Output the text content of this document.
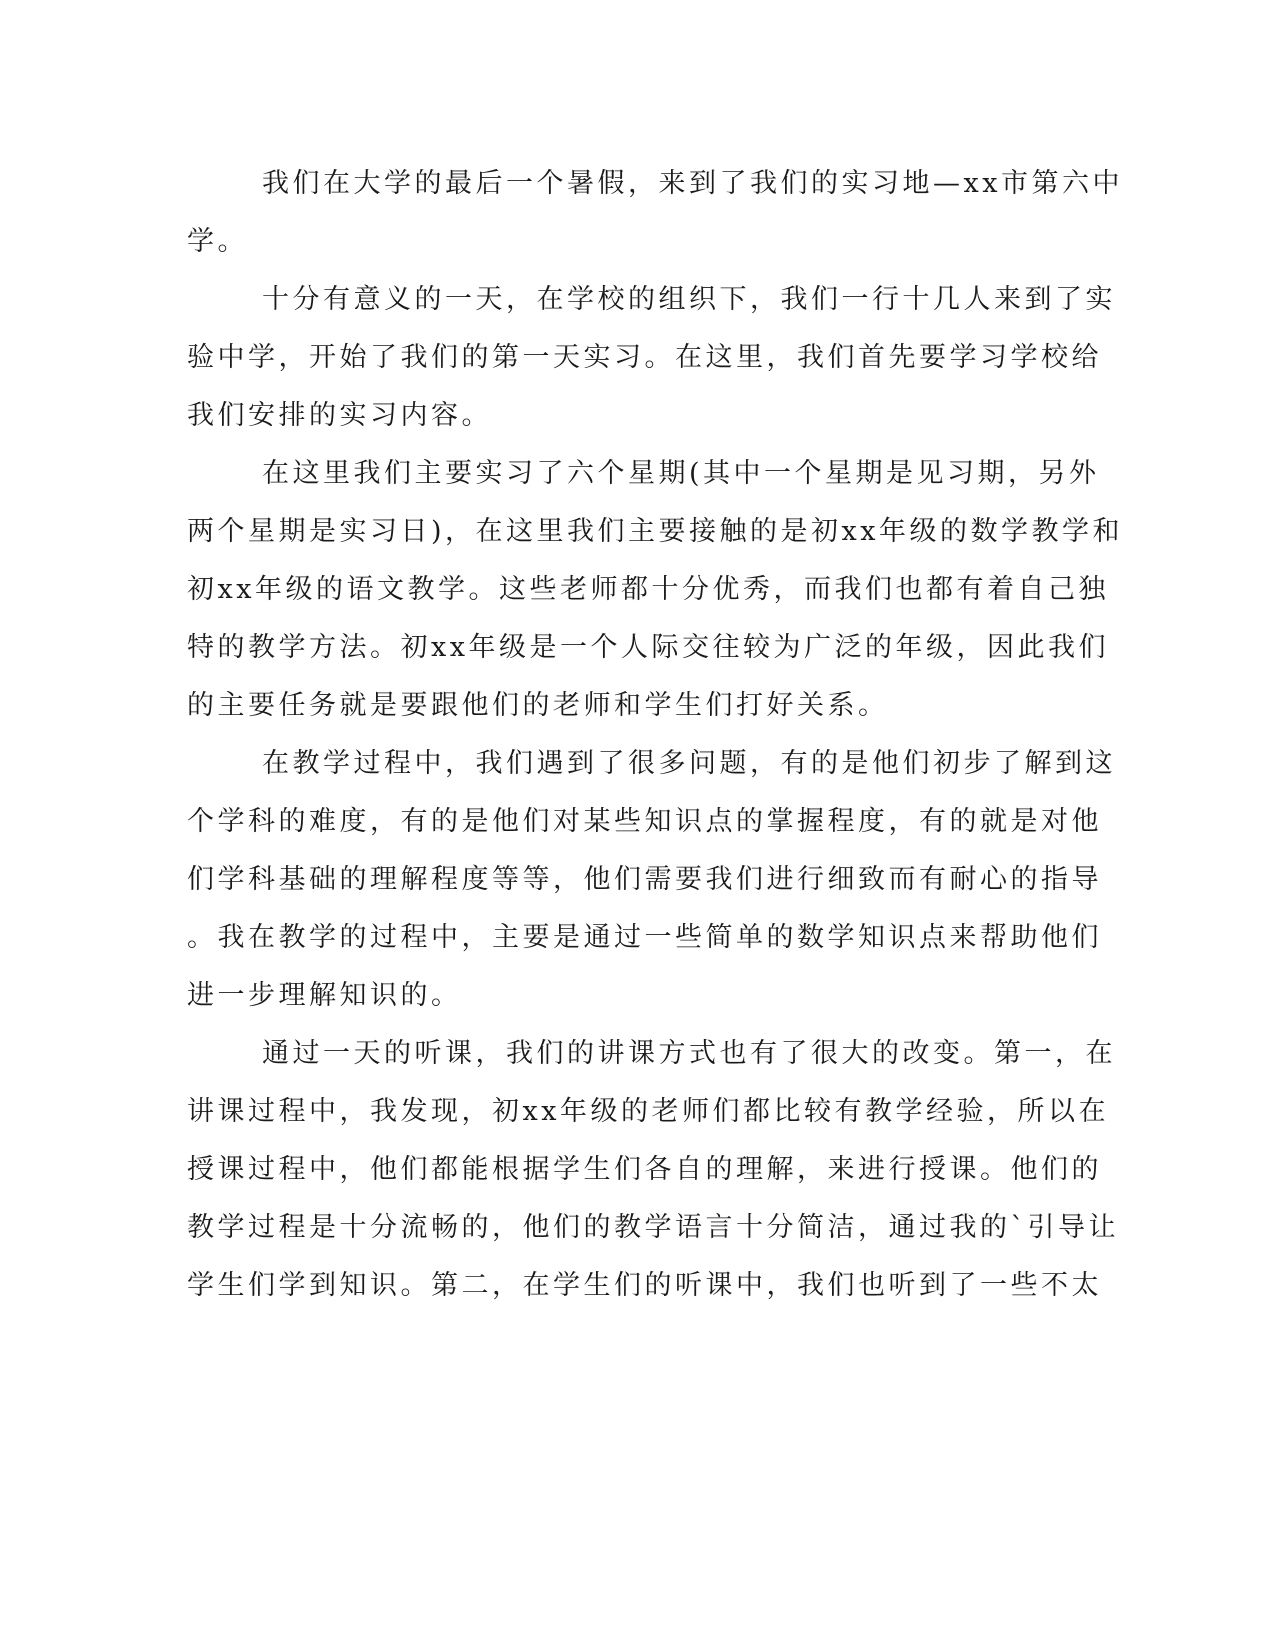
我们在大学的最后一个暑假，来到了我们的实习地—xx市第六中
学。
十分有意义的一天，在学校的组织下，我们一行十几人来到了实
验中学，开始了我们的第一天实习。在这里，我们首先要学习学校给
我们安排的实习内容。
在这里我们主要实习了六个星期(其中一个星期是见习期，另外
两个星期是实习日)，在这里我们主要接触的是初xx年级的数学教学和
初xx年级的语文教学。这些老师都十分优秀，而我们也都有着自己独
特的教学方法。初xx年级是一个人际交往较为广泛的年级，因此我们
的主要任务就是要跟他们的老师和学生们打好关系。
在教学过程中，我们遇到了很多问题，有的是他们初步了解到这
个学科的难度，有的是他们对某些知识点的掌握程度，有的就是对他
们学科基础的理解程度等等，他们需要我们进行细致而有耐心的指导
。我在教学的过程中，主要是通过一些简单的数学知识点来帮助他们
进一步理解知识的。
通过一天的听课，我们的讲课方式也有了很大的改变。第一，在
讲课过程中，我发现，初xx年级的老师们都比较有教学经验，所以在
授课过程中，他们都能根据学生们各自的理解，来进行授课。他们的
教学过程是十分流畅的，他们的教学语言十分简洁，通过我的`引导让
学生们学到知识。第二，在学生们的听课中，我们也听到了一些不太
